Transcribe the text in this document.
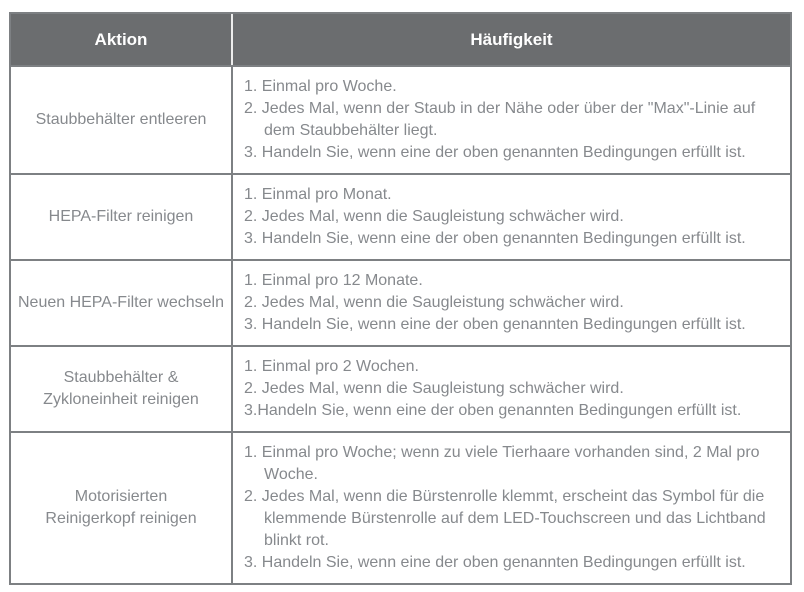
Aktion	Häufigkeit
Staubbehälter entleeren
1. Einmal pro Woche.
2. Jedes Mal, wenn der Staub in der Nähe oder über der "Max"-Linie auf dem Staubbehälter liegt.
3. Handeln Sie, wenn eine der oben genannten Bedingungen erfüllt ist.
HEPA-Filter reinigen
1. Einmal pro Monat.
2. Jedes Mal, wenn die Saugleistung schwächer wird.
3. Handeln Sie, wenn eine der oben genannten Bedingungen erfüllt ist.
Neuen HEPA-Filter wechseln
1. Einmal pro 12 Monate.
2. Jedes Mal, wenn die Saugleistung schwächer wird.
3. Handeln Sie, wenn eine der oben genannten Bedingungen erfüllt ist.
Staubbehälter &
Zykloneinheit reinigen
1. Einmal pro 2 Wochen.
2. Jedes Mal, wenn die Saugleistung schwächer wird.
3.Handeln Sie, wenn eine der oben genannten Bedingungen erfüllt ist.
Motorisierten
Reinigerkopf reinigen
1. Einmal pro Woche; wenn zu viele Tierhaare vorhanden sind, 2 Mal pro Woche.
2. Jedes Mal, wenn die Bürstenrolle klemmt, erscheint das Symbol für die klemmende Bürstenrolle auf dem LED-Touchscreen und das Lichtband blinkt rot.
3. Handeln Sie, wenn eine der oben genannten Bedingungen erfüllt ist.
